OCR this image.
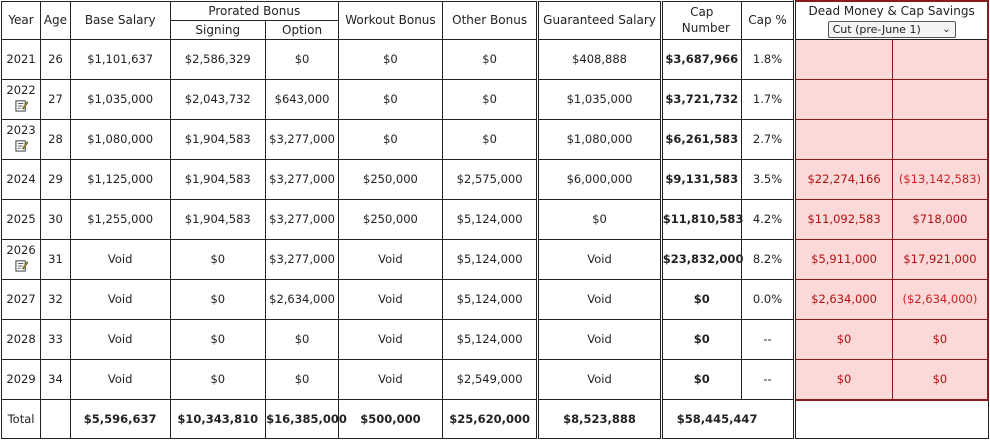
Year	Age	Base Salary	Prorated Bonus		Workout Bonus	Other Bonus	Guaranteed Salary	Cap Number	Cap %	Dead Money & Cap Savings	

			Signing	Option						Cut (pre-June 1) ⌄	

2021	26	$1,101,637	$2,586,329	$0	$0	$0	$408,888	$3,687,966	1.8%		

2022	27	$1,035,000	$2,043,732	$643,000	$0	$0	$1,035,000	$3,721,732	1.7%		

2023	28	$1,080,000	$1,904,583	$3,277,000	$0	$0	$1,080,000	$6,261,583	2.7%		
2024	29	$1,125,000	$1,904,583	$3,277,000	$250,000	$2,575,000	$6,000,000	$9,131,583	3.5%	$22,274,166	($13,142,583)
2025	30	$1,255,000	$1,904,583	$3,277,000	$250,000	$5,124,000	$0	$11,810,583	4.2%	$11,092,583	$718,000

2026	31	Void	$0	$3,277,000	Void	$5,124,000	Void	$23,832,000	8.2%	$5,911,000	$17,921,000
2027	32	Void	$0	$2,634,000	Void	$5,124,000	Void	$0	0.0%	$2,634,000	($2,634,000)
2028	33	Void	$0	$0	Void	$5,124,000	Void	$0	--	$0	$0
2029	34	Void	$0	$0	Void	$2,549,000	Void	$0	--	$0	$0
Total		$5,596,637	$10,343,810	$16,385,000	$500,000	$25,620,000	$8,523,888	$58,445,447			
